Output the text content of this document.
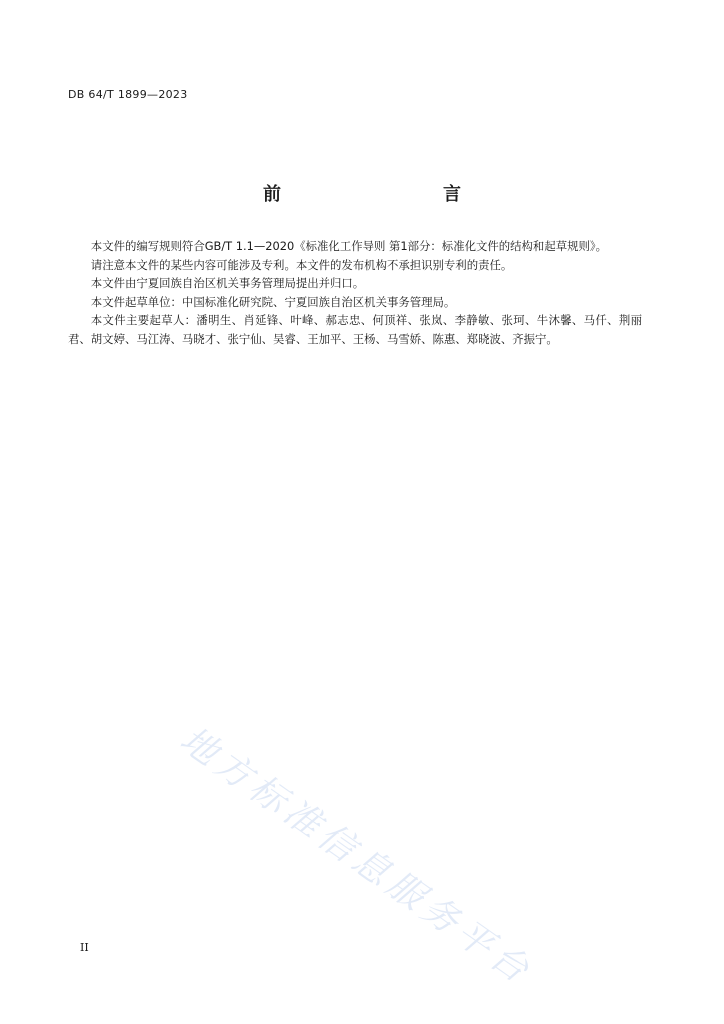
DB 64/T 1899—2023
前　　言

本文件的编写规则符合GB/T 1.1—2020《标准化工作导则 第1部分：标准化文件的结构和起草规则》。

请注意本文件的某些内容可能涉及专利。本文件的发布机构不承担识别专利的责任。

本文件由宁夏回族自治区机关事务管理局提出并归口。

本文件起草单位：中国标准化研究院、宁夏回族自治区机关事务管理局。

本文件主要起草人：潘明生、肖延锋、叶峰、郝志忠、何顶祥、张岚、李静敏、张珂、牛沐馨、马仟、荆丽君、胡文婷、马江涛、马晓才、张宁仙、吴睿、王加平、王杨、马雪娇、陈惠、郑晓波、齐振宁。

地方标准信息服务平台
II
